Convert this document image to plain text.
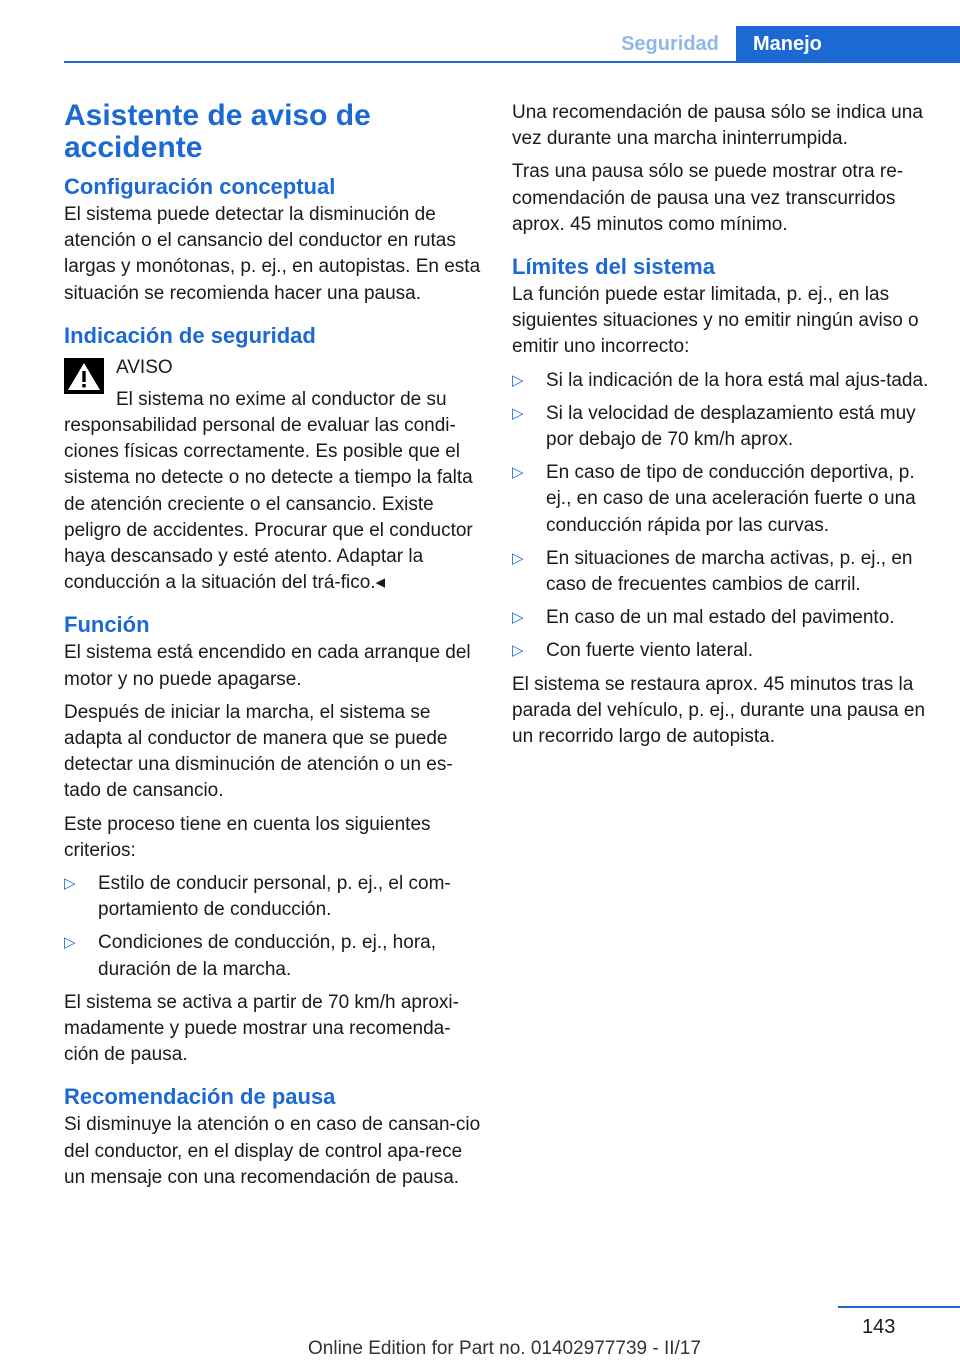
Seguridad	Manejo
Asistente de aviso de accidente
Configuración conceptual

El sistema puede detectar la disminución de atención o el cansancio del conductor en rutas largas y monótonas, p. ej., en autopistas. En esta situación se recomienda hacer una pausa.

Indicación de seguridad
AVISO
El sistema no exime al conductor de su responsabilidad personal de evaluar las condi‐ciones físicas correctamente. Es posible que el sistema no detecte o no detecte a tiempo la falta de atención creciente o el cansancio. Existe peligro de accidentes. Procurar que el conductor haya descansado y esté atento. Adaptar la conducción a la situación del trá‐fico.◂
Función

El sistema está encendido en cada arranque del motor y no puede apagarse.

Después de iniciar la marcha, el sistema se adapta al conductor de manera que se puede detectar una disminución de atención o un es‐tado de cansancio.

Este proceso tiene en cuenta los siguientes criterios:

▷ Estilo de conducir personal, p. ej., el com‐portamiento de conducción.
▷ Condiciones de conducción, p. ej., hora, duración de la marcha.

El sistema se activa a partir de 70 km/h aproxi‐madamente y puede mostrar una recomenda‐ción de pausa.

Recomendación de pausa

Si disminuye la atención o en caso de cansan‐cio del conductor, en el display de control apa‐rece un mensaje con una recomendación de pausa.

Una recomendación de pausa sólo se indica una vez durante una marcha ininterrumpida.

Tras una pausa sólo se puede mostrar otra re‐comendación de pausa una vez transcurridos aprox. 45 minutos como mínimo.

Límites del sistema

La función puede estar limitada, p. ej., en las siguientes situaciones y no emitir ningún aviso o emitir uno incorrecto:

▷ Si la indicación de la hora está mal ajus‐tada.
▷ Si la velocidad de desplazamiento está muy por debajo de 70 km/h aprox.
▷ En caso de tipo de conducción deportiva, p. ej., en caso de una aceleración fuerte o una conducción rápida por las curvas.
▷ En situaciones de marcha activas, p. ej., en caso de frecuentes cambios de carril.
▷ En caso de un mal estado del pavimento.
▷ Con fuerte viento lateral.

El sistema se restaura aprox. 45 minutos tras la parada del vehículo, p. ej., durante una pausa en un recorrido largo de autopista.

143
Online Edition for Part no. 01402977739 - II/17
